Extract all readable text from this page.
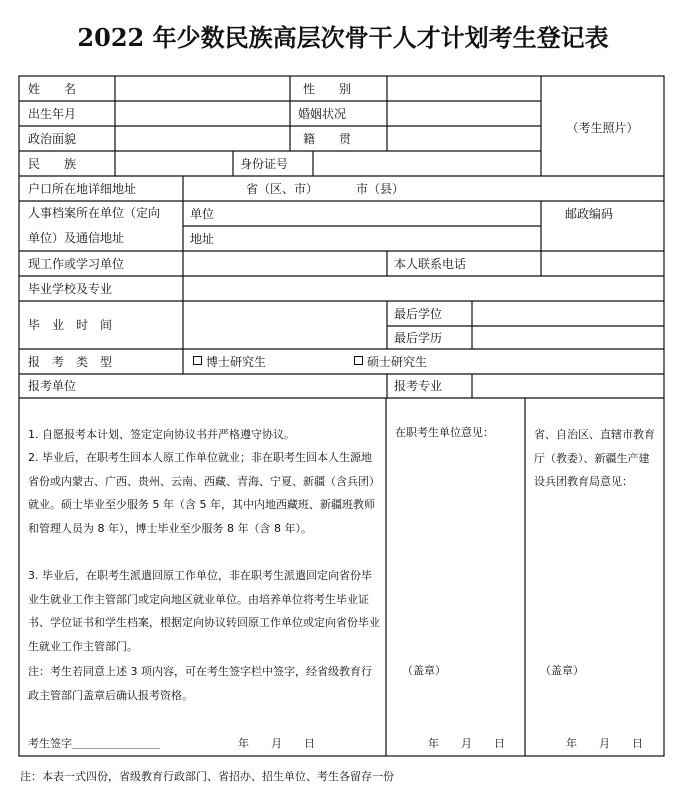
2022 年少数民族高层次骨干人才计划考生登记表
姓　　名	性　　别
出生年月	婚姻状况
政治面貌	籍　　贯
（考生照片）
民　　族	身份证号
户口所在地详细地址	省（区、市）	市（县）
人事档案所在单位（定向
单位）及通信地址
单位
地址
邮政编码
现工作或学习单位	本人联系电话
毕业学校及专业
毕　业　时　间
最后学位
最后学历
报　考　类　型	博士研究生	硕士研究生
报考单位	报考专业
1. 自愿报考本计划、签定定向协议书并严格遵守协议。
2. 毕业后，在职考生回本人原工作单位就业；非在职考生回本人生源地省份或内蒙古、广西、贵州、云南、西藏、青海、宁夏、新疆（含兵团）就业。硕士毕业至少服务 5 年（含 5 年，其中内地西藏班、新疆班教师和管理人员为 8 年），博士毕业至少服务 8 年（含 8 年）。
3. 毕业后，在职考生派遣回原工作单位，非在职考生派遣回定向省份毕业生就业工作主管部门或定向地区就业单位。由培养单位将考生毕业证书、学位证书和学生档案，根据定向协议转回原工作单位或定向省份毕业生就业工作主管部门。
注：考生若同意上述 3 项内容，可在考生签字栏中签字，经省级教育行政主管部门盖章后确认报考资格。
考生签字＿＿＿＿＿＿＿＿	年　　月　　日
在职考生单位意见：
（盖章）
年　　月　　日
省、自治区、直辖市教育厅（教委）、新疆生产建设兵团教育局意见：
（盖章）
年　　月　　日
注：本表一式四份，省级教育行政部门、省招办、招生单位、考生各留存一份
